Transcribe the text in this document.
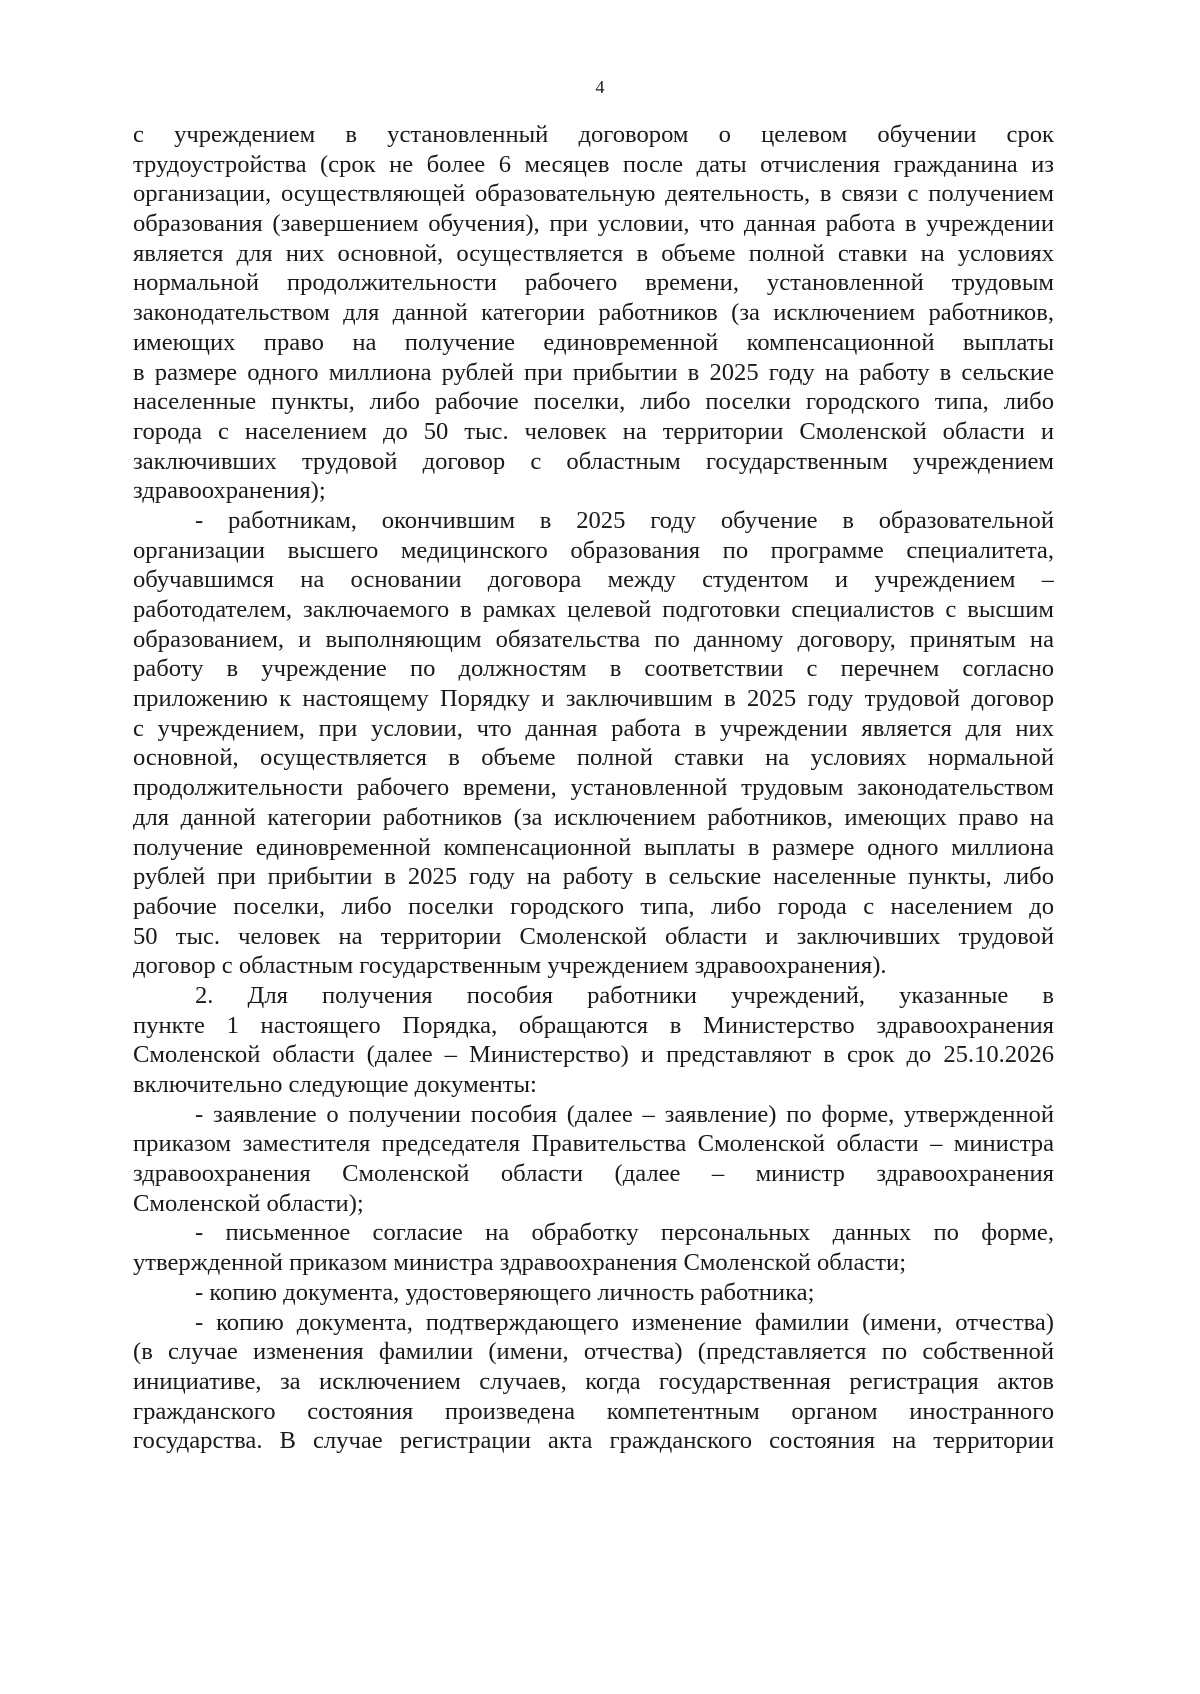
4
с учреждением в установленный договором о целевом обучении срок
трудоустройства (срок не более 6 месяцев после даты отчисления гражданина из
организации, осуществляющей образовательную деятельность, в связи с получением
образования (завершением обучения), при условии, что данная работа в учреждении
является для них основной, осуществляется в объеме полной ставки на условиях
нормальной продолжительности рабочего времени, установленной трудовым
законодательством для данной категории работников (за исключением работников,
имеющих право на получение единовременной компенсационной выплаты
в размере одного миллиона рублей при прибытии в 2025 году на работу в сельские
населенные пункты, либо рабочие поселки, либо поселки городского типа, либо
города с населением до 50 тыс. человек на территории Смоленской области и
заключивших трудовой договор с областным государственным учреждением
здравоохранения);
- работникам, окончившим в 2025 году обучение в образовательной
организации высшего медицинского образования по программе специалитета,
обучавшимся на основании договора между студентом и учреждением –
работодателем, заключаемого в рамках целевой подготовки специалистов с высшим
образованием, и выполняющим обязательства по данному договору, принятым на
работу в учреждение по должностям в соответствии с перечнем согласно
приложению к настоящему Порядку и заключившим в 2025 году трудовой договор
с учреждением, при условии, что данная работа в учреждении является для них
основной, осуществляется в объеме полной ставки на условиях нормальной
продолжительности рабочего времени, установленной трудовым законодательством
для данной категории работников (за исключением работников, имеющих право на
получение единовременной компенсационной выплаты в размере одного миллиона
рублей при прибытии в 2025 году на работу в сельские населенные пункты, либо
рабочие поселки, либо поселки городского типа, либо города с населением до
50 тыс. человек на территории Смоленской области и заключивших трудовой
договор с областным государственным учреждением здравоохранения).
2. Для получения пособия работники учреждений, указанные в
пункте 1 настоящего Порядка, обращаются в Министерство здравоохранения
Смоленской области (далее – Министерство) и представляют в срок до 25.10.2026
включительно следующие документы:
- заявление о получении пособия (далее – заявление) по форме, утвержденной
приказом заместителя председателя Правительства Смоленской области – министра
здравоохранения Смоленской области (далее – министр здравоохранения
Смоленской области);
- письменное согласие на обработку персональных данных по форме,
утвержденной приказом министра здравоохранения Смоленской области;
- копию документа, удостоверяющего личность работника;
- копию документа, подтверждающего изменение фамилии (имени, отчества)
(в случае изменения фамилии (имени, отчества) (представляется по собственной
инициативе, за исключением случаев, когда государственная регистрация актов
гражданского состояния произведена компетентным органом иностранного
государства. В случае регистрации акта гражданского состояния на территории
